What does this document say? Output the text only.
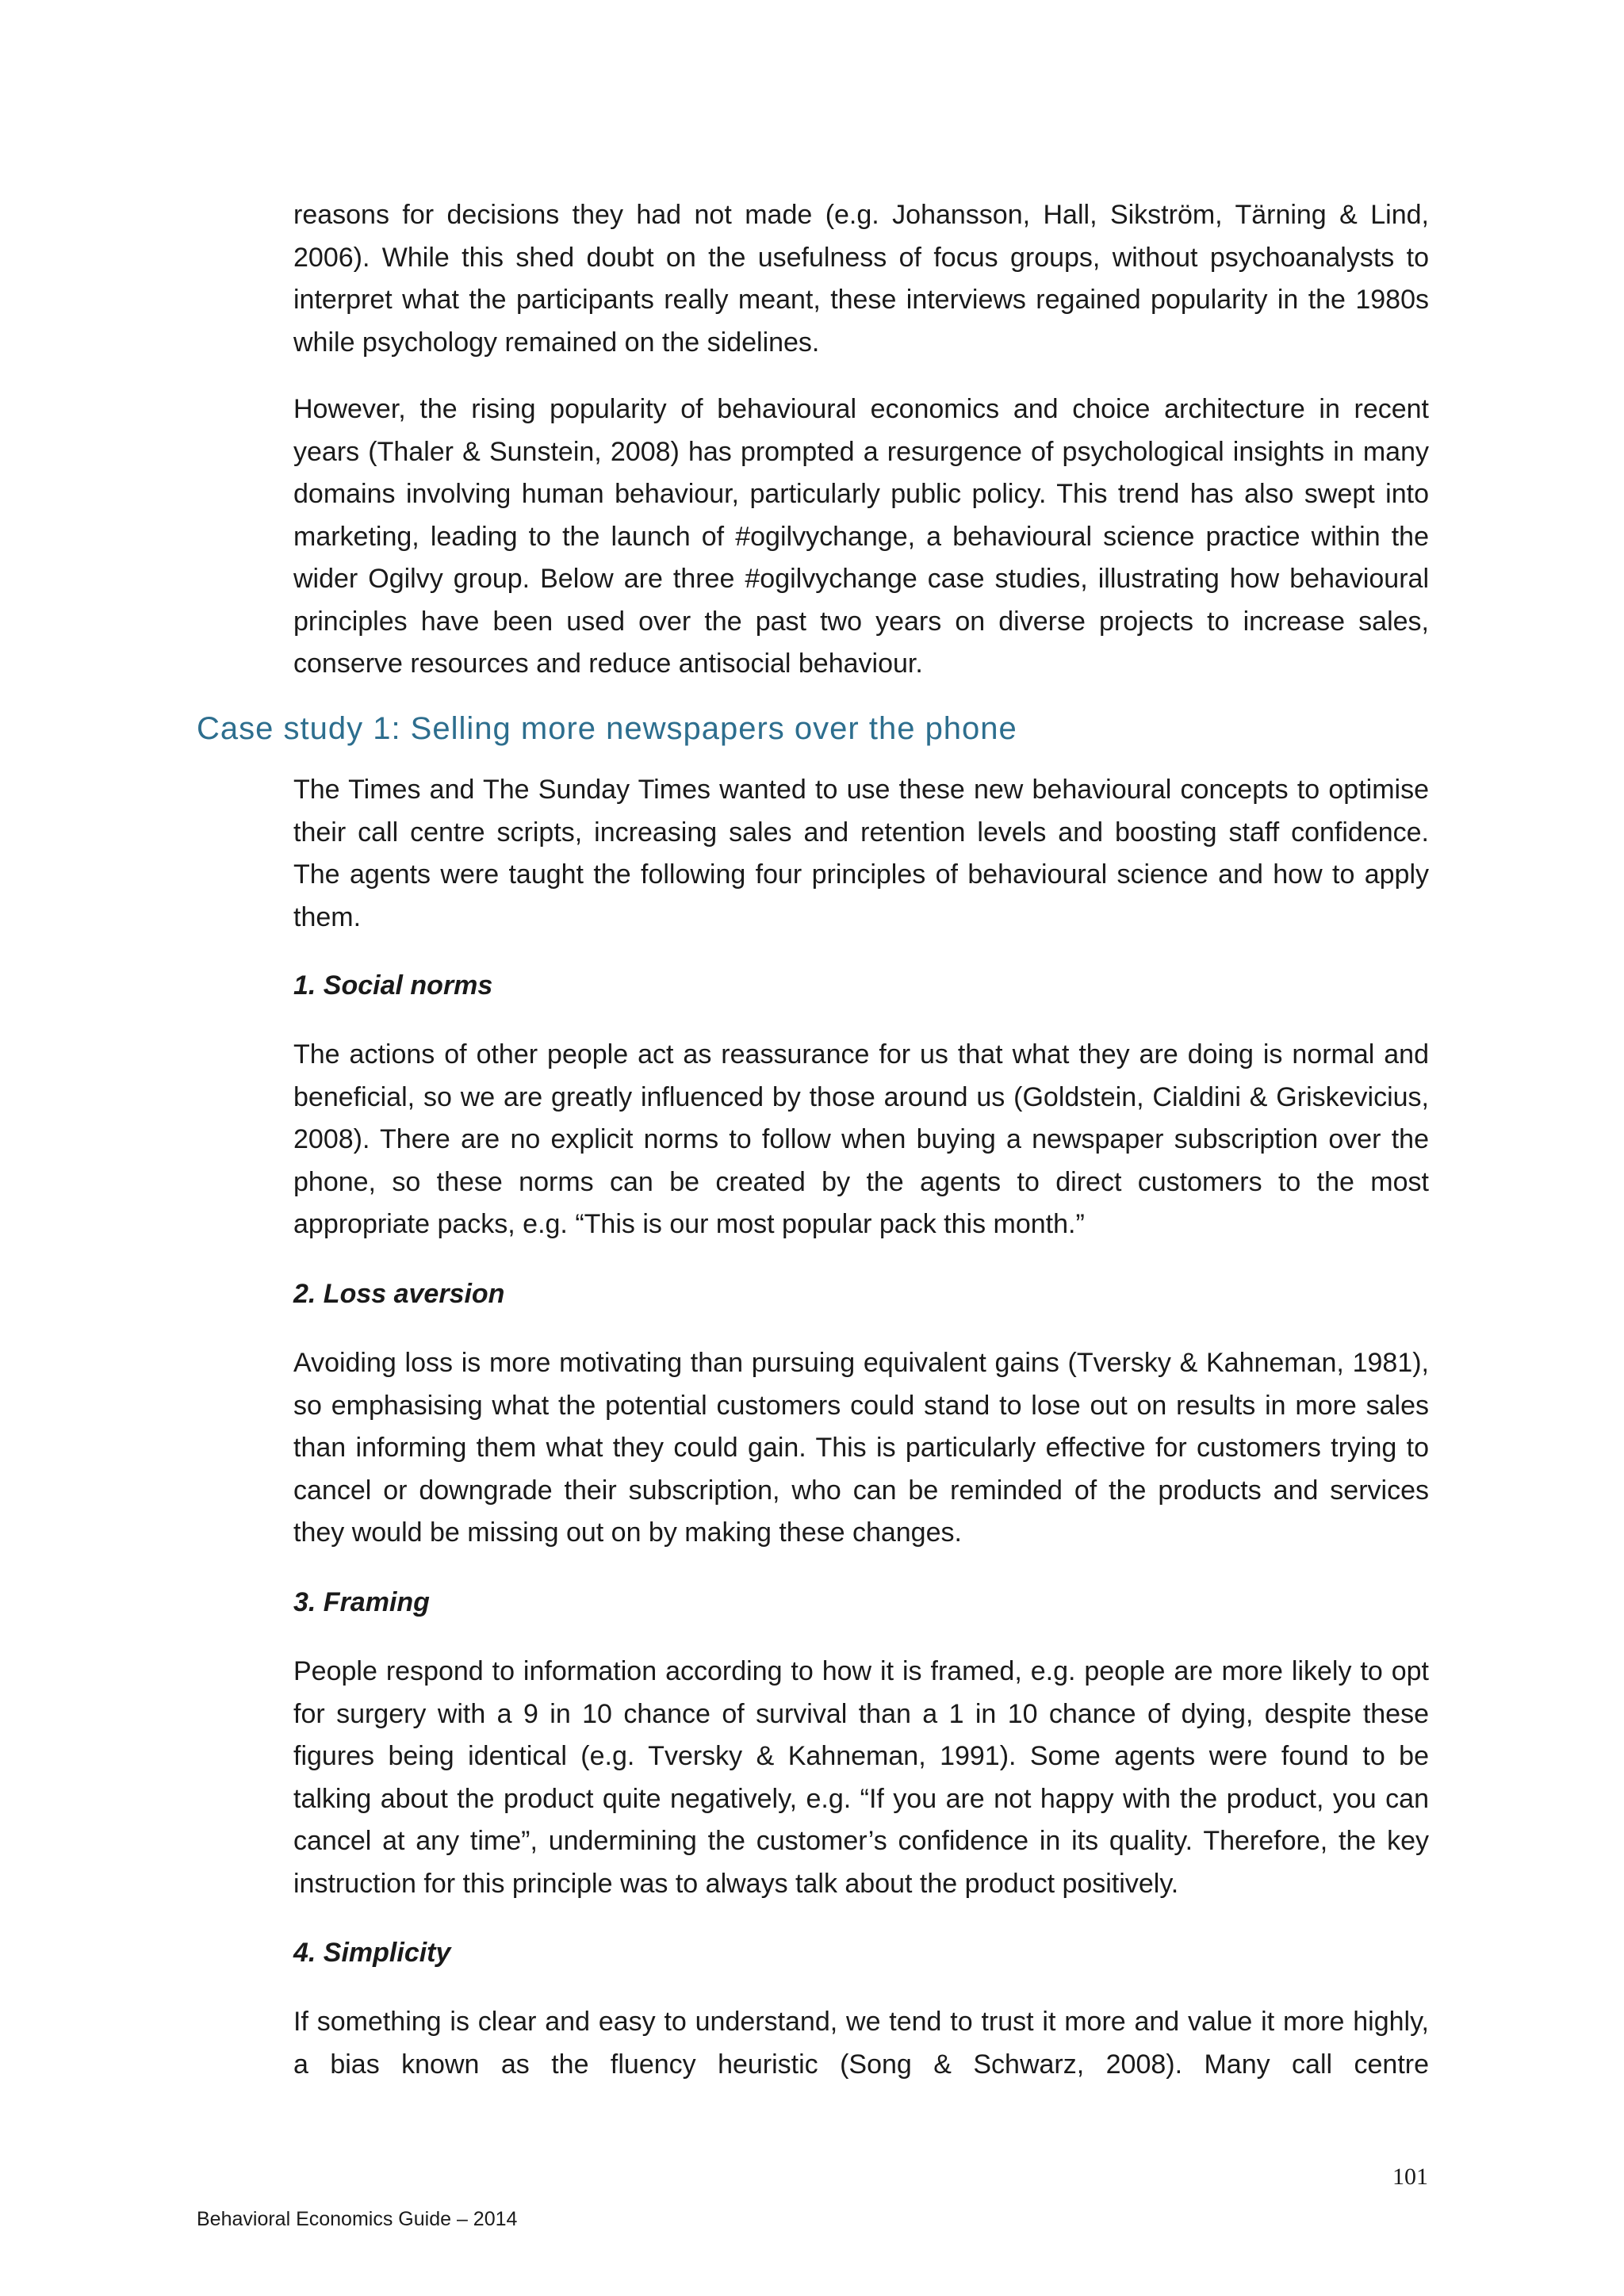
reasons for decisions they had not made (e.g. Johansson, Hall, Sikström, Tärning & Lind, 2006). While this shed doubt on the usefulness of focus groups, without psychoanalysts to interpret what the participants really meant, these interviews regained popularity in the 1980s while psychology remained on the sidelines.

However, the rising popularity of behavioural economics and choice architecture in recent years (Thaler & Sunstein, 2008) has prompted a resurgence of psychological insights in many domains involving human behaviour, particularly public policy. This trend has also swept into marketing, leading to the launch of #ogilvychange, a behavioural science practice within the wider Ogilvy group. Below are three #ogilvychange case studies, illustrating how behavioural principles have been used over the past two years on diverse projects to increase sales, conserve resources and reduce antisocial behaviour.

Case study 1: Selling more newspapers over the phone

The Times and The Sunday Times wanted to use these new behavioural concepts to optimise their call centre scripts, increasing sales and retention levels and boosting staff confidence. The agents were taught the following four principles of behavioural science and how to apply them.

1. Social norms

The actions of other people act as reassurance for us that what they are doing is normal and beneficial, so we are greatly influenced by those around us (Goldstein, Cialdini & Griskevicius, 2008). There are no explicit norms to follow when buying a newspaper subscription over the phone, so these norms can be created by the agents to direct customers to the most appropriate packs, e.g. “This is our most popular pack this month.”

2. Loss aversion

Avoiding loss is more motivating than pursuing equivalent gains (Tversky & Kahneman, 1981), so emphasising what the potential customers could stand to lose out on results in more sales than informing them what they could gain. This is particularly effective for customers trying to cancel or downgrade their subscription, who can be reminded of the products and services they would be missing out on by making these changes.

3. Framing

People respond to information according to how it is framed, e.g. people are more likely to opt for surgery with a 9 in 10 chance of survival than a 1 in 10 chance of dying, despite these figures being identical (e.g. Tversky & Kahneman, 1991). Some agents were found to be talking about the product quite negatively, e.g. “If you are not happy with the product, you can cancel at any time”, undermining the customer’s confidence in its quality. Therefore, the key instruction for this principle was to always talk about the product positively.

4. Simplicity

If something is clear and easy to understand, we tend to trust it more and value it more highly, a bias known as the fluency heuristic (Song & Schwarz, 2008). Many call centre

101
Behavioral Economics Guide – 2014
